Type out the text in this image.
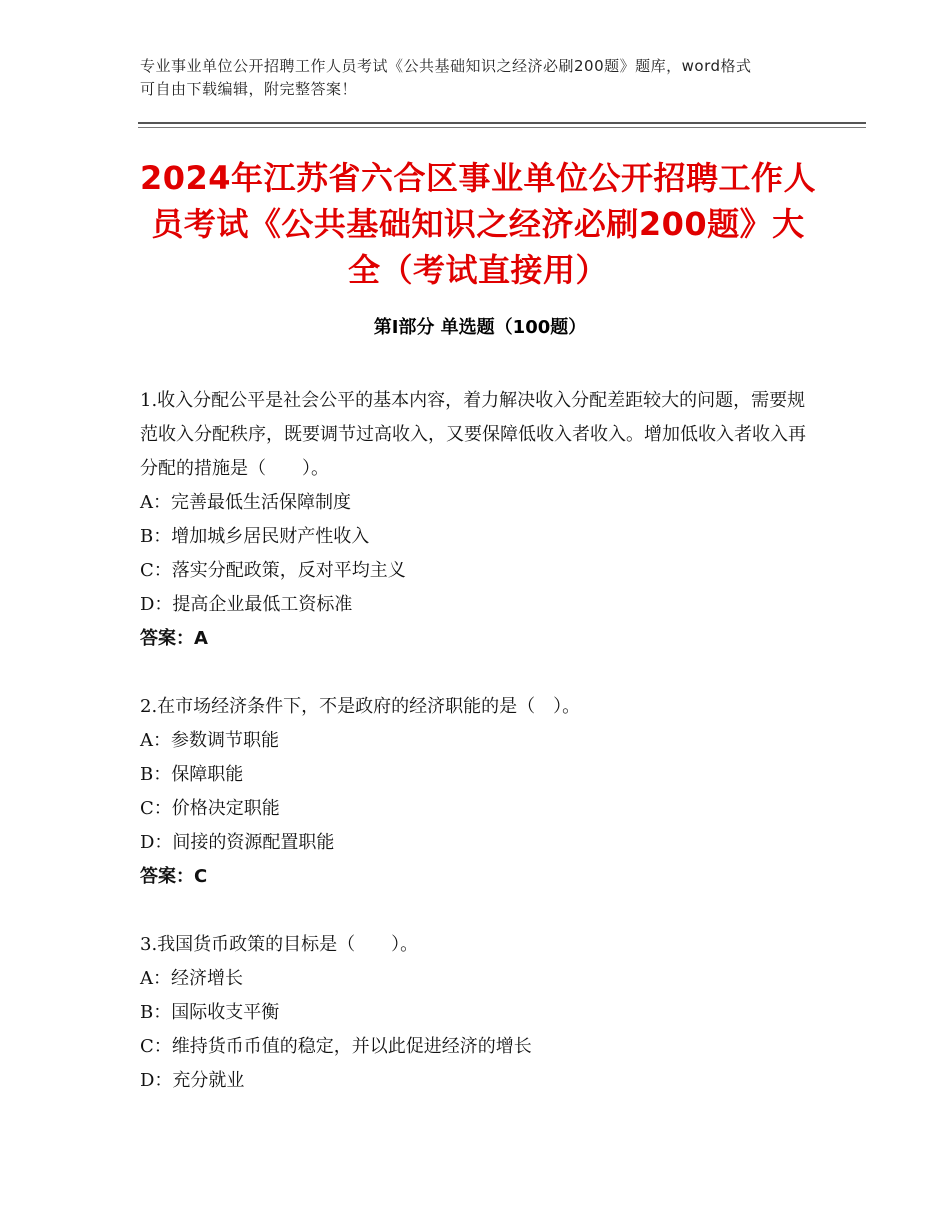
专业事业单位公开招聘工作人员考试《公共基础知识之经济必刷200题》题库，word格式可自由下载编辑，附完整答案！
2024年江苏省六合区事业单位公开招聘工作人员考试《公共基础知识之经济必刷200题》大全（考试直接用）
第Ⅰ部分 单选题（100题）

1.收入分配公平是社会公平的基本内容，着力解决收入分配差距较大的问题，需要规范收入分配秩序，既要调节过高收入，又要保障低收入者收入。增加低收入者收入再分配的措施是（　　）。

A：完善最低生活保障制度

B：增加城乡居民财产性收入

C：落实分配政策，反对平均主义

D：提高企业最低工资标准

答案：A

2.在市场经济条件下，不是政府的经济职能的是（　）。

A：参数调节职能

B：保障职能

C：价格决定职能

D：间接的资源配置职能

答案：C

3.我国货币政策的目标是（　　）。

A：经济增长

B：国际收支平衡

C：维持货币币值的稳定，并以此促进经济的增长

D：充分就业
